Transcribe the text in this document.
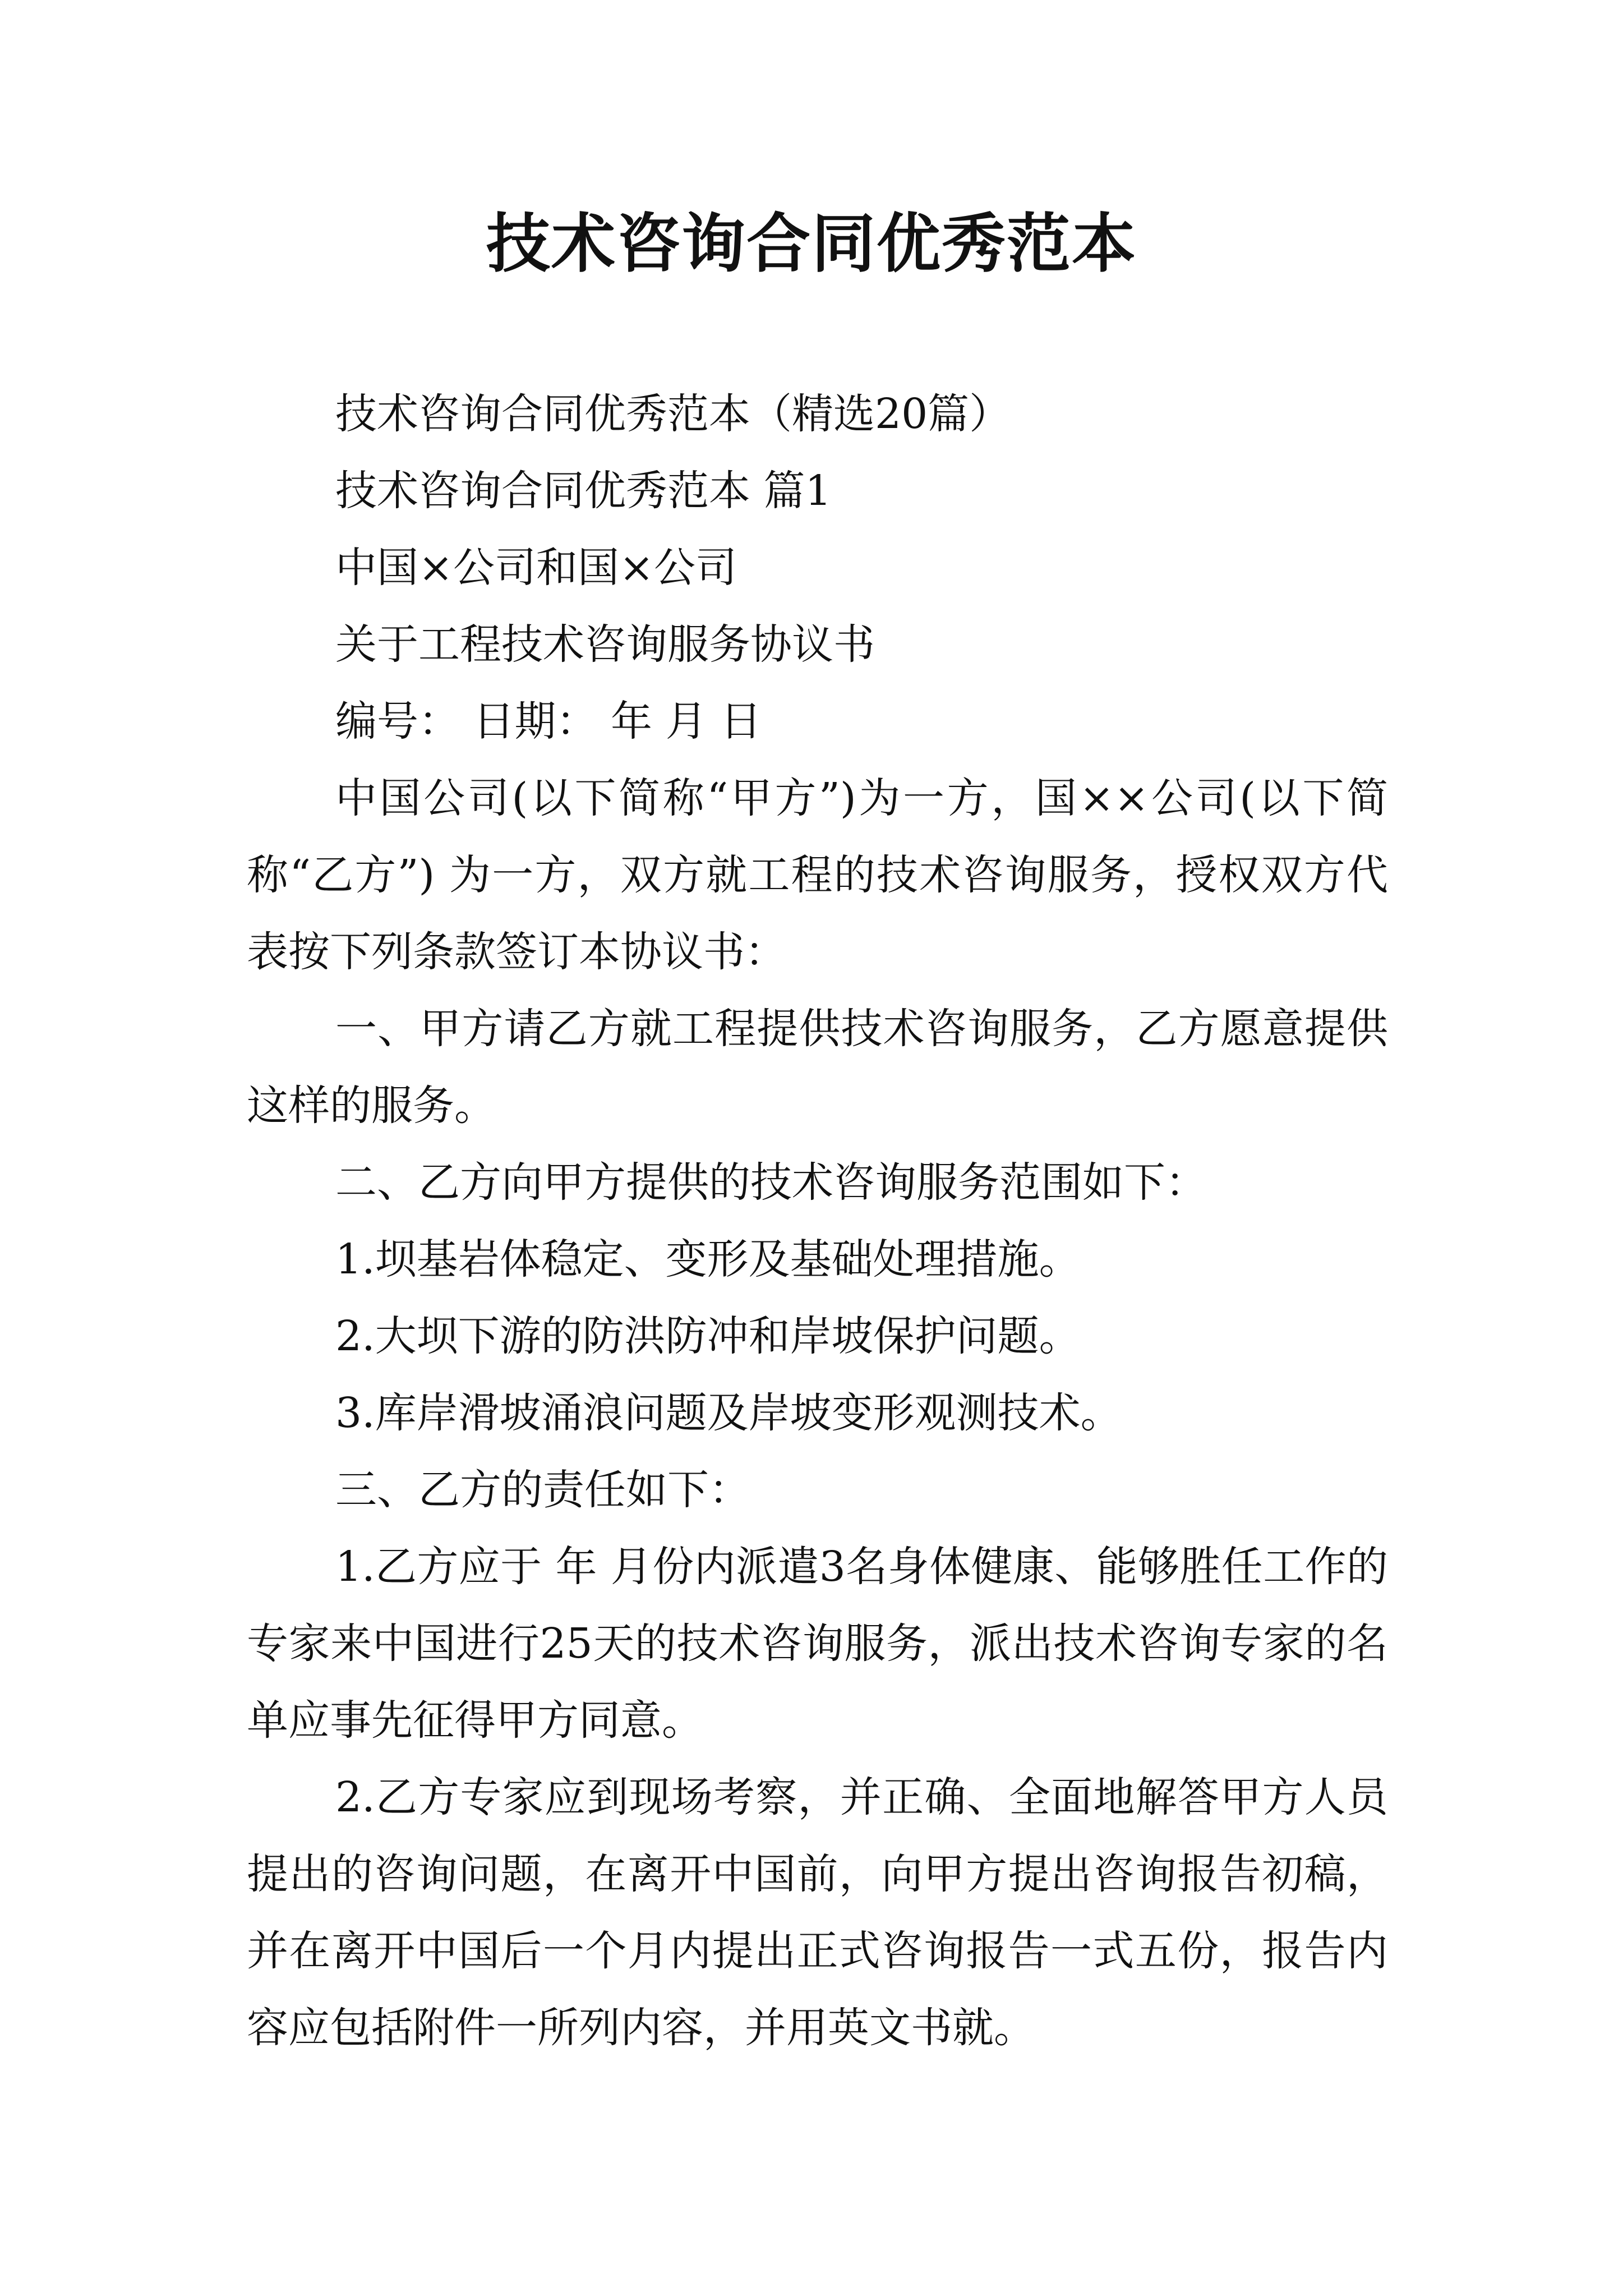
技术咨询合同优秀范本

技术咨询合同优秀范本（精选20篇）

技术咨询合同优秀范本 篇1

中国×公司和国×公司

关于工程技术咨询服务协议书

编号： 日期： 年 月 日

中国公司(以下简称“甲方”)为一方，国××公司(以下简称“乙方”) 为一方，双方就工程的技术咨询服务，授权双方代表按下列条款签订本协议书：

一、甲方请乙方就工程提供技术咨询服务，乙方愿意提供这样的服务。

二、乙方向甲方提供的技术咨询服务范围如下：

1.坝基岩体稳定、变形及基础处理措施。

2.大坝下游的防洪防冲和岸坡保护问题。

3.库岸滑坡涌浪问题及岸坡变形观测技术。

三、乙方的责任如下：

1.乙方应于 年 月份内派遣3名身体健康、能够胜任工作的专家来中国进行25天的技术咨询服务，派出技术咨询专家的名单应事先征得甲方同意。

2.乙方专家应到现场考察，并正确、全面地解答甲方人员提出的咨询问题，在离开中国前，向甲方提出咨询报告初稿，并在离开中国后一个月内提出正式咨询报告一式五份，报告内容应包括附件一所列内容，并用英文书就。
